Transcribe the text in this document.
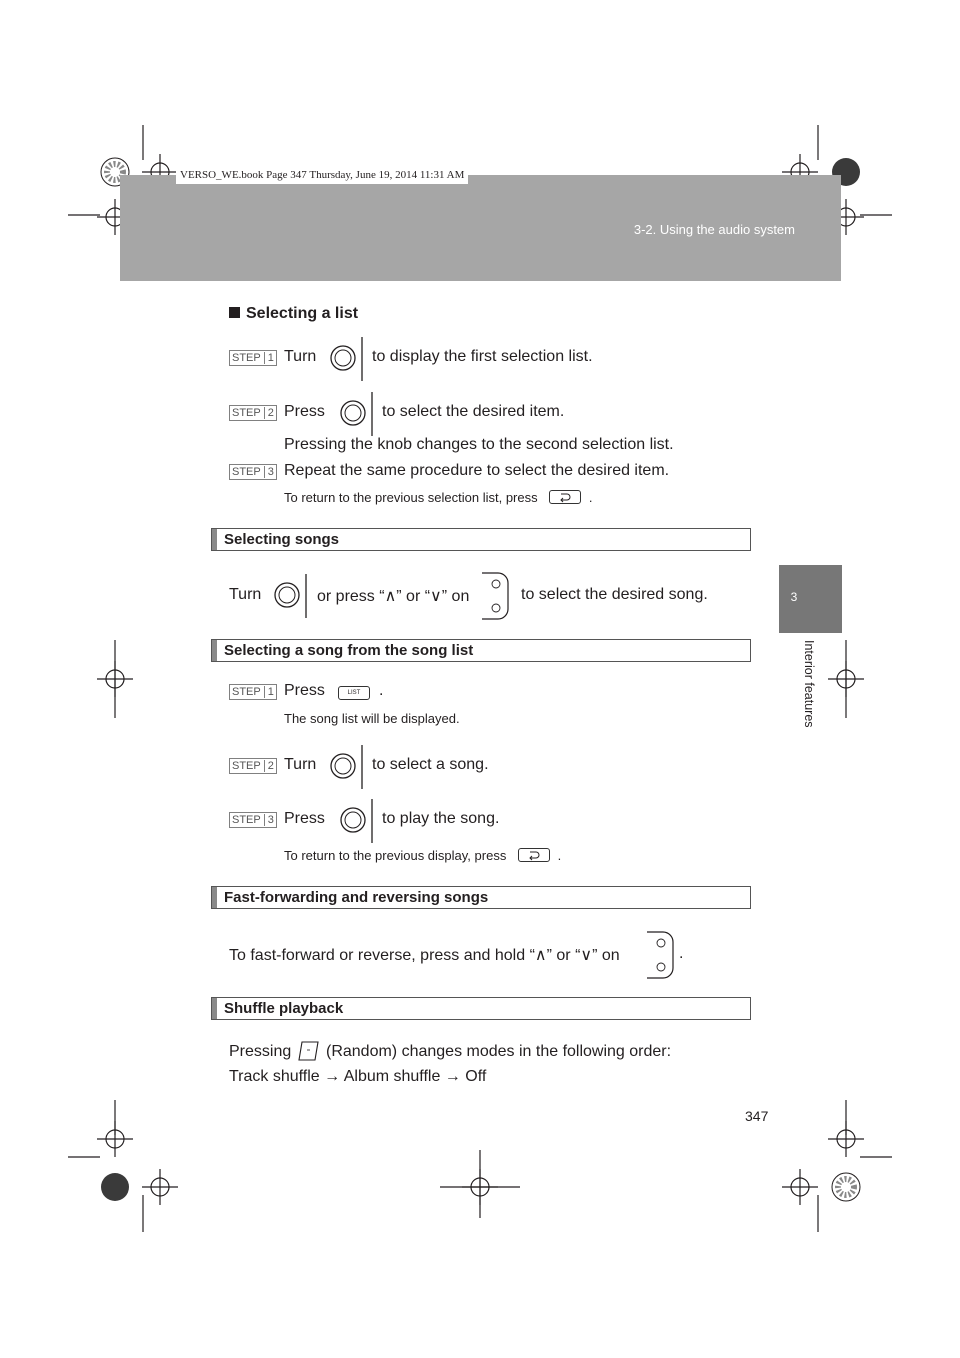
3-2. Using the audio system
VERSO_WE.book Page 347 Thursday, June 19, 2014 11:31 AM
3
Interior features
Selecting a list
STEP 1 Turn	to display the first selection list.
STEP 2 Press	to select the desired item.
Pressing the knob changes to the second selection list.
STEP 3 Repeat the same procedure to select the desired item.
To return to the previous selection list, press	.
Selecting songs
Turn	or press “∧” or “∨” on	to select the desired song.
Selecting a song from the song list
STEP 1 Press	LIST	.
The song list will be displayed.
STEP 2 Turn	to select a song.
STEP 3 Press	to play the song.
To return to the previous display, press	.
Fast-forwarding and reversing songs
To fast-forward or reverse, press and hold “∧” or “∨” on	.
Shuffle playback
Pressing (Random) changes modes in the following order:
Track shuffle → Album shuffle → Off
347
